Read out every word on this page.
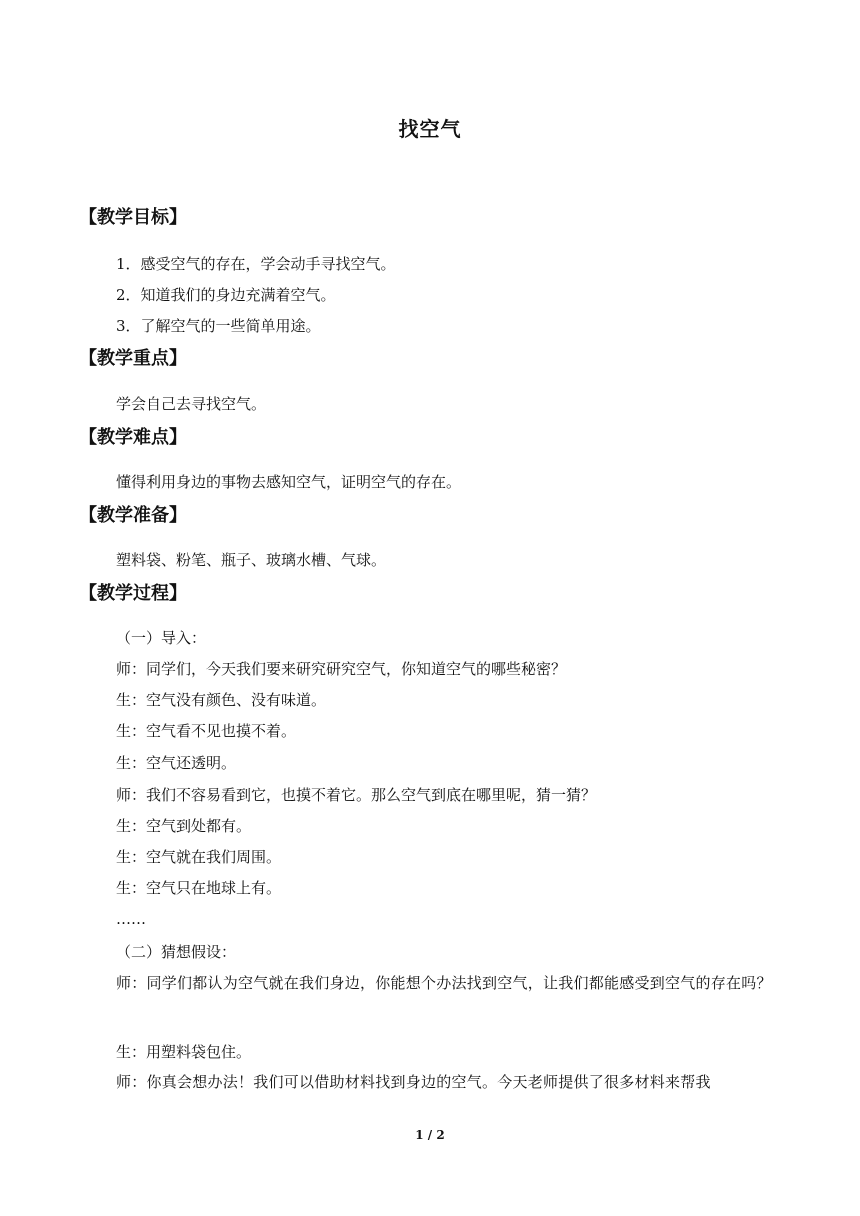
找空气
【教学目标】
1．感受空气的存在，学会动手寻找空气。
2．知道我们的身边充满着空气。
3．了解空气的一些简单用途。
【教学重点】
学会自己去寻找空气。
【教学难点】
懂得利用身边的事物去感知空气，证明空气的存在。
【教学准备】
塑料袋、粉笔、瓶子、玻璃水槽、气球。
【教学过程】
（一）导入：
师：同学们，今天我们要来研究研究空气，你知道空气的哪些秘密？
生：空气没有颜色、没有味道。
生：空气看不见也摸不着。
生：空气还透明。
师：我们不容易看到它，也摸不着它。那么空气到底在哪里呢，猜一猜？
生：空气到处都有。
生：空气就在我们周围。
生：空气只在地球上有。
……
（二）猜想假设：
师：同学们都认为空气就在我们身边，你能想个办法找到空气，让我们都能感受到空气的存在吗？
生：用塑料袋包住。
师：你真会想办法！我们可以借助材料找到身边的空气。今天老师提供了很多材料来帮我
1 / 2
